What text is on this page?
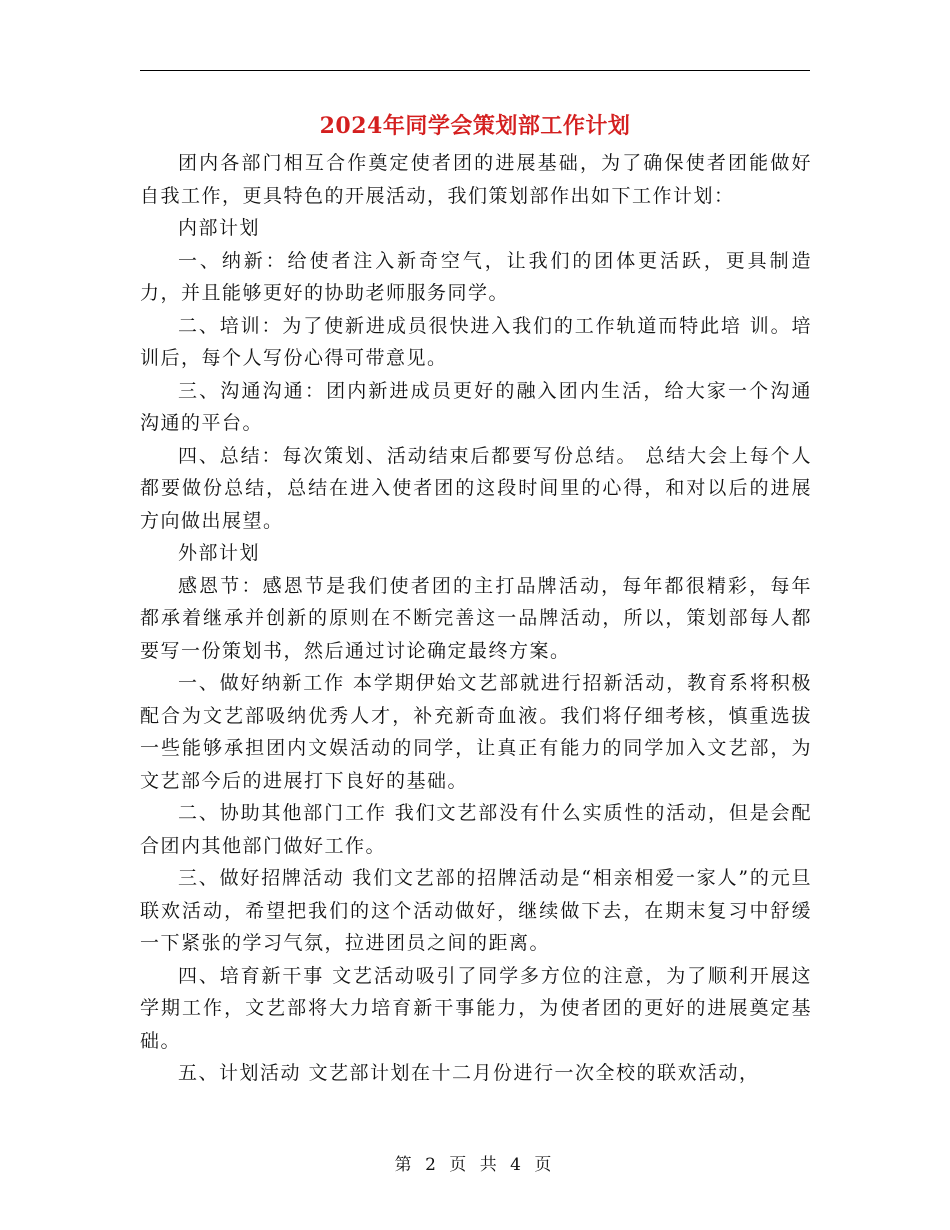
2024年同学会策划部工作计划

团内各部门相互合作奠定使者团的进展基础，为了确保使者团能做好自我工作，更具特色的开展活动，我们策划部作出如下工作计划：

内部计划

一、纳新：给使者注入新奇空气，让我们的团体更活跃，更具制造力，并且能够更好的协助老师服务同学。

二、培训：为了使新进成员很快进入我们的工作轨道而特此培 训。培训后，每个人写份心得可带意见。

三、沟通沟通：团内新进成员更好的融入团内生活，给大家一个沟通沟通的平台。

四、总结：每次策划、活动结束后都要写份总结。 总结大会上每个人都要做份总结，总结在进入使者团的这段时间里的心得，和对以后的进展方向做出展望。

外部计划

感恩节：感恩节是我们使者团的主打品牌活动，每年都很精彩，每年都承着继承并创新的原则在不断完善这一品牌活动，所以，策划部每人都要写一份策划书，然后通过讨论确定最终方案。

一、做好纳新工作 本学期伊始文艺部就进行招新活动，教育系将积极配合为文艺部吸纳优秀人才，补充新奇血液。我们将仔细考核，慎重选拔一些能够承担团内文娱活动的同学，让真正有能力的同学加入文艺部，为文艺部今后的进展打下良好的基础。

二、协助其他部门工作 我们文艺部没有什么实质性的活动，但是会配合团内其他部门做好工作。

三、做好招牌活动 我们文艺部的招牌活动是“相亲相爱一家人”的元旦联欢活动，希望把我们的这个活动做好，继续做下去，在期末复习中舒缓一下紧张的学习气氛，拉进团员之间的距离。

四、培育新干事 文艺活动吸引了同学多方位的注意，为了顺利开展这学期工作，文艺部将大力培育新干事能力，为使者团的更好的进展奠定基础。

五、计划活动 文艺部计划在十二月份进行一次全校的联欢活动，

第 2 页 共 4 页
